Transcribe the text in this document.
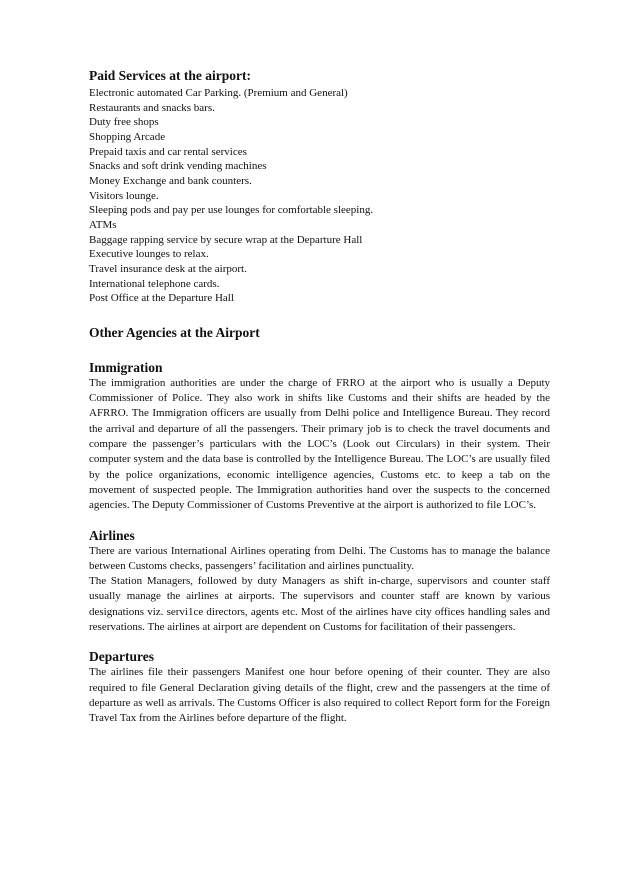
Paid Services at the airport:
Electronic automated Car Parking. (Premium and General)
Restaurants and snacks bars.
Duty free shops
Shopping Arcade
Prepaid taxis and car rental services
Snacks and soft drink vending machines
Money Exchange and bank counters.
Visitors lounge.
Sleeping pods and pay per use lounges for comfortable sleeping.
ATMs
Baggage rapping service by secure wrap at the Departure Hall
Executive lounges to relax.
Travel insurance desk at the airport.
International telephone cards.
Post Office at the Departure Hall
Other Agencies at the Airport
Immigration

The immigration authorities are under the charge of FRRO at the airport who is usually a Deputy Commissioner of Police. They also work in shifts like Customs and their shifts are headed by the AFRRO. The Immigration officers are usually from Delhi police and Intelligence Bureau. They record the arrival and departure of all the passengers. Their primary job is to check the travel documents and compare the passenger’s particulars with the LOC’s (Look out Circulars) in their system. Their computer system and the data base is controlled by the Intelligence Bureau. The LOC’s are usually filed by the police organizations, economic intelligence agencies, Customs etc. to keep a tab on the movement of suspected people. The Immigration authorities hand over the suspects to the concerned agencies. The Deputy Commissioner of Customs Preventive at the airport is authorized to file LOC’s.

Airlines

There are various International Airlines operating from Delhi. The Customs has to manage the balance between Customs checks, passengers’ facilitation and airlines punctuality.

The Station Managers, followed by duty Managers as shift in-charge, supervisors and counter staff usually manage the airlines at airports. The supervisors and counter staff are known by various designations viz. servi1ce directors, agents etc. Most of the airlines have city offices handling sales and reservations. The airlines at airport are dependent on Customs for facilitation of their passengers.

Departures

The airlines file their passengers Manifest one hour before opening of their counter. They are also required to file General Declaration giving details of the flight, crew and the passengers at the time of departure as well as arrivals. The Customs Officer is also required to collect Report form for the Foreign Travel Tax from the Airlines before departure of the flight.
